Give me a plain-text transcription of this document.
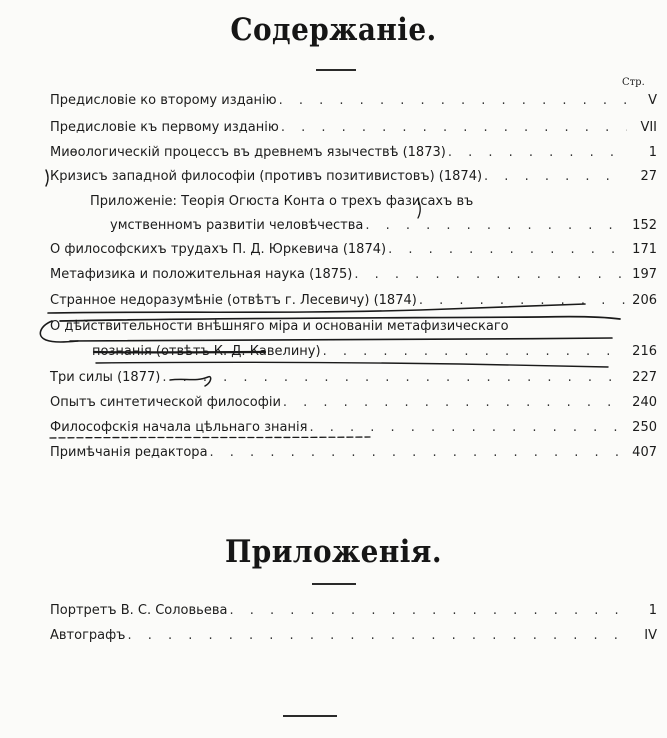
Содержаніе.
Стр.
Предисловіе ко второму изданію . . .	V
Предисловіе къ первому изданію . . .	VII
Миѳологическій процессъ въ древнемъ язычествѣ (1873) . . .	1
Кризисъ западной философіи (противъ позитивистовъ) (1874) . . .	27
Приложеніе: Теорія Огюста Конта о трехъ фазисахъ въ
умственномъ развитіи человѣчества . . .	152
О философскихъ трудахъ П. Д. Юркевича (1874) . . .	171
Метафизика и положительная наука (1875) . . .	197
Странное недоразумѣніе (отвѣтъ г. Лесевичу) (1874) . . .	206
О дѣйствительности внѣшняго міра и основаніи метафизическаго
познанія (отвѣтъ К. Д. Кавелину) . . .	216
Три силы (1877) . . .	227
Опытъ синтетической философіи . . .	240
Философскія начала цѣльнаго знанія . . .	250
Примѣчанія редактора . . .	407
Приложенія.
Портретъ В. С. Соловьева . . .	1
Автографъ . . .	IV
